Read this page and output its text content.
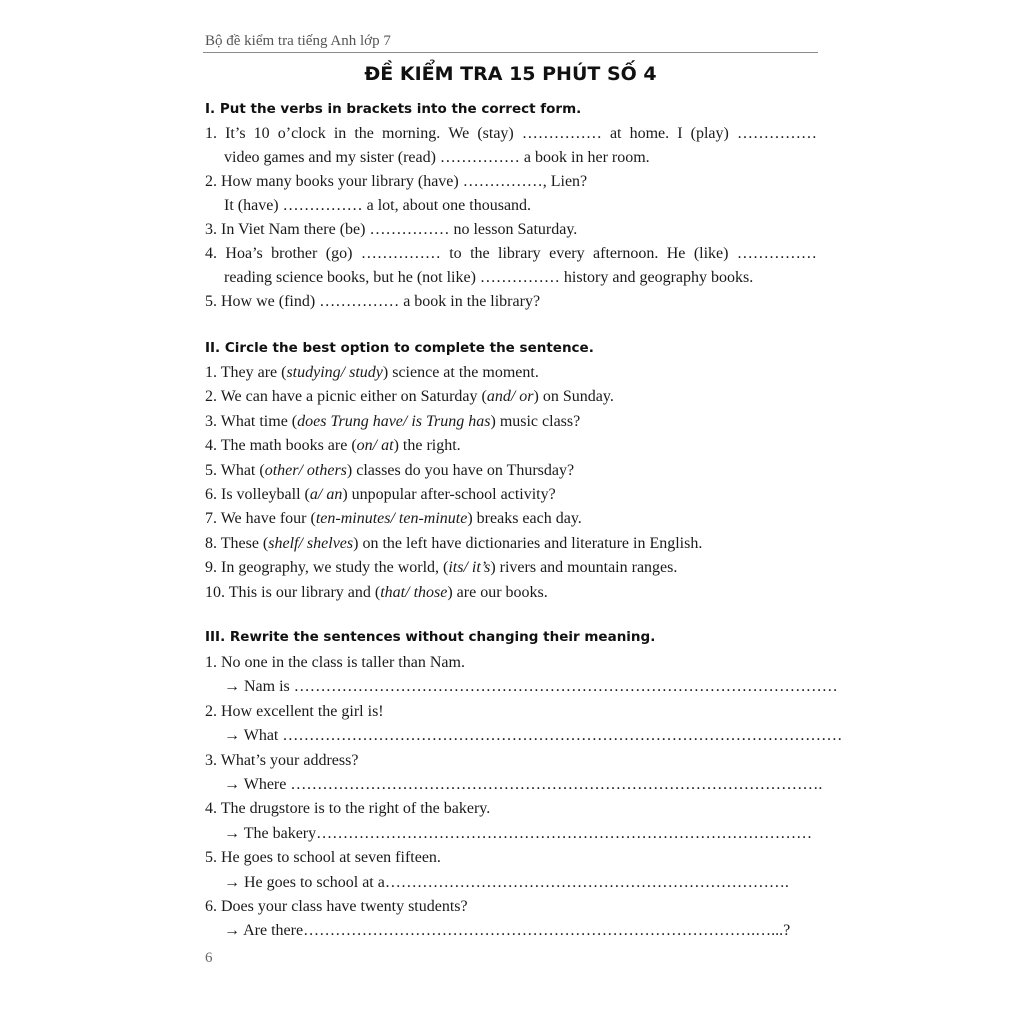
Bộ đề kiểm tra tiếng Anh lớp 7
ĐỀ KIỂM TRA 15 PHÚT SỐ 4
I. Put the verbs in brackets into the correct form.
1. It’s 10 o’clock in the morning. We (stay) …………… at home. I (play) ……………
video games and my sister (read) …………… a book in her room.
2. How many books your library (have) ……………, Lien?
It (have) …………… a lot, about one thousand.
3. In Viet Nam there (be) …………… no lesson Saturday.
4. Hoa’s brother (go) …………… to the library every afternoon. He (like) ……………
reading science books, but he (not like) …………… history and geography books.
5. How we (find) …………… a book in the library?
II. Circle the best option to complete the sentence.
1. They are (studying/ study) science at the moment.
2. We can have a picnic either on Saturday (and/ or) on Sunday.
3. What time (does Trung have/ is Trung has) music class?
4. The math books are (on/ at) the right.
5. What (other/ others) classes do you have on Thursday?
6. Is volleyball (a/ an) unpopular after-school activity?
7. We have four (ten-minutes/ ten-minute) breaks each day.
8. These (shelf/ shelves) on the left have dictionaries and literature in English.
9. In geography, we study the world, (its/ it’s) rivers and mountain ranges.
10. This is our library and (that/ those) are our books.
III. Rewrite the sentences without changing their meaning.
1. No one in the class is taller than Nam.
→ Nam is …………………………………………………………………………………………
2. How excellent the girl is!
→ What ……………………………………………………………………………………………
3. What’s your address?
→ Where ……………………………………………………………………………………….
4. The drugstore is to the right of the bakery.
→ The bakery…………………………………………………………………………………
5. He goes to school at seven fifteen.
→ He goes to school at a………………………………………………………………….
6. Does your class have twenty students?
→ Are there………………………………………………………………………….…...?
6
